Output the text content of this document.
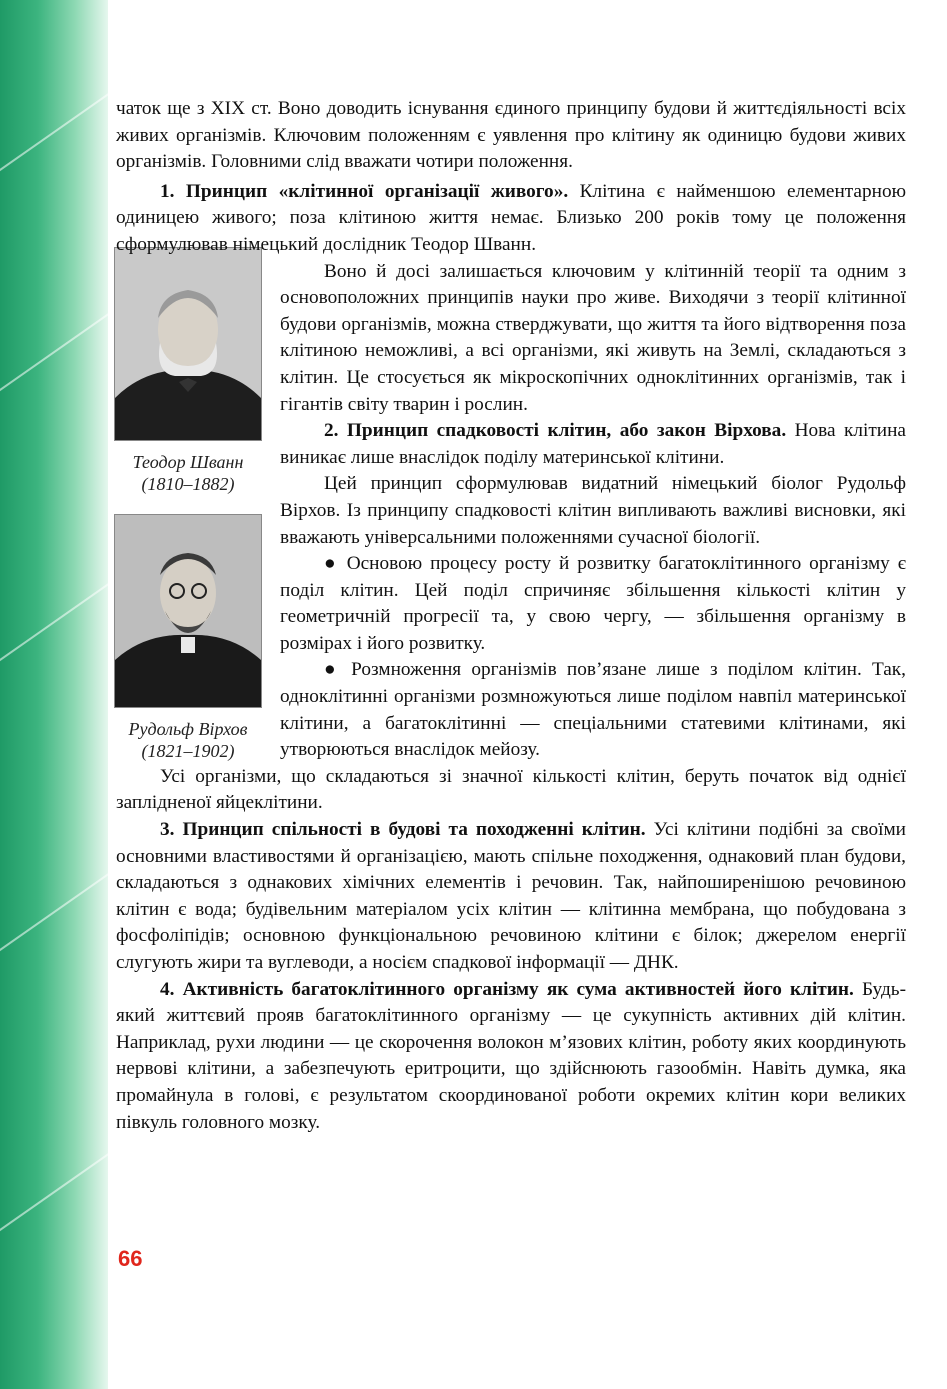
Теодор Шванн
(1810–1882)
Рудольф Вірхов
(1821–1902)

чаток ще з XIX ст. Воно доводить існування єдиного принципу будови й життєдіяльності всіх живих організмів. Ключовим положенням є уявлення про клітину як одиницю будови живих організмів. Головними слід вважати чотири положення.

1. Принцип «клітинної організації живого». Клітина є найменшою елементарною одиницею живого; поза клітиною життя немає. Близько 200 років тому це положення сформулював німецький дослідник Теодор Шванн.

Воно й досі залишається ключовим у клітинній теорії та одним з основоположних принципів науки про живе. Виходячи з теорії клітинної будови організмів, можна стверджувати, що життя та його відтворення поза клітиною неможливі, а всі організми, які живуть на Землі, складаються з клітин. Це стосується як мікроскопічних одноклітинних організмів, так і гігантів світу тварин і рослин.

2. Принцип спадковості клітин, або закон Вірхова. Нова клітина виникає лише внаслідок поділу материнської клітини.

Цей принцип сформулював видатний німецький біолог Рудольф Вірхов. Із принципу спадковості клітин випливають важливі висновки, які вважають універсальними положеннями сучасної біології.

● Основою процесу росту й розвитку багатоклітинного організму є поділ клітин. Цей поділ спричиняє збільшення кількості клітин у геометричній прогресії та, у свою чергу, — збільшення організму в розмірах і його розвитку.

● Розмноження організмів пов’язане лише з поділом клітин. Так, одноклітинні організми розмножуються лише поділом навпіл материнської клітини, а багатоклітинні — спеціальними статевими клітинами, які утворюються внаслідок мейозу.

Усі організми, що складаються зі значної кількості клітин, беруть початок від однієї заплідненої яйцеклітини.

3. Принцип спільності в будові та походженні клітин. Усі клітини подібні за своїми основними властивостями й організацією, мають спільне походження, однаковий план будови, складаються з однакових хімічних елементів і речовин. Так, найпоширенішою речовиною клітин є вода; будівельним матеріалом усіх клітин — клітинна мембрана, що побудована з фосфоліпідів; основною функціональною речовиною клітини є білок; джерелом енергії слугують жири та вуглеводи, а носієм спадкової інформації — ДНК.

4. Активність багатоклітинного організму як сума активностей його клітин. Будь-який життєвий прояв багатоклітинного організму — це сукупність активних дій клітин. Наприклад, рухи людини — це скорочення волокон м’язових клітин, роботу яких координують нервові клітини, а забезпечують еритроцити, що здійснюють газообмін. Навіть думка, яка промайнула в голові, є результатом скоординованої роботи окремих клітин кори великих півкуль головного мозку.

66
